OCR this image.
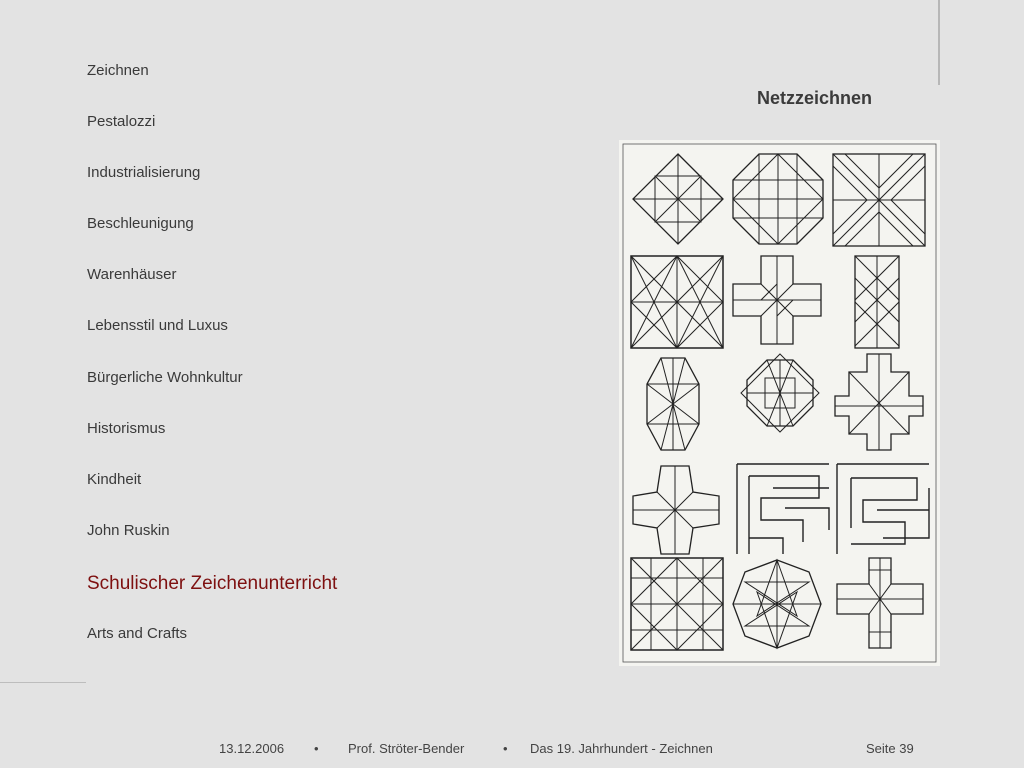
Zeichnen
Pestalozzi
Industrialisierung
Beschleunigung
Warenhäuser
Lebensstil und Luxus
Bürgerliche Wohnkultur
Historismus
Kindheit
John Ruskin
Schulischer Zeichenunterricht
Arts and Crafts
Netzzeichnen
13.12.2006 • Prof. Ströter-Bender	• Das 19. Jahrhundert - Zeichnen	Seite 39
